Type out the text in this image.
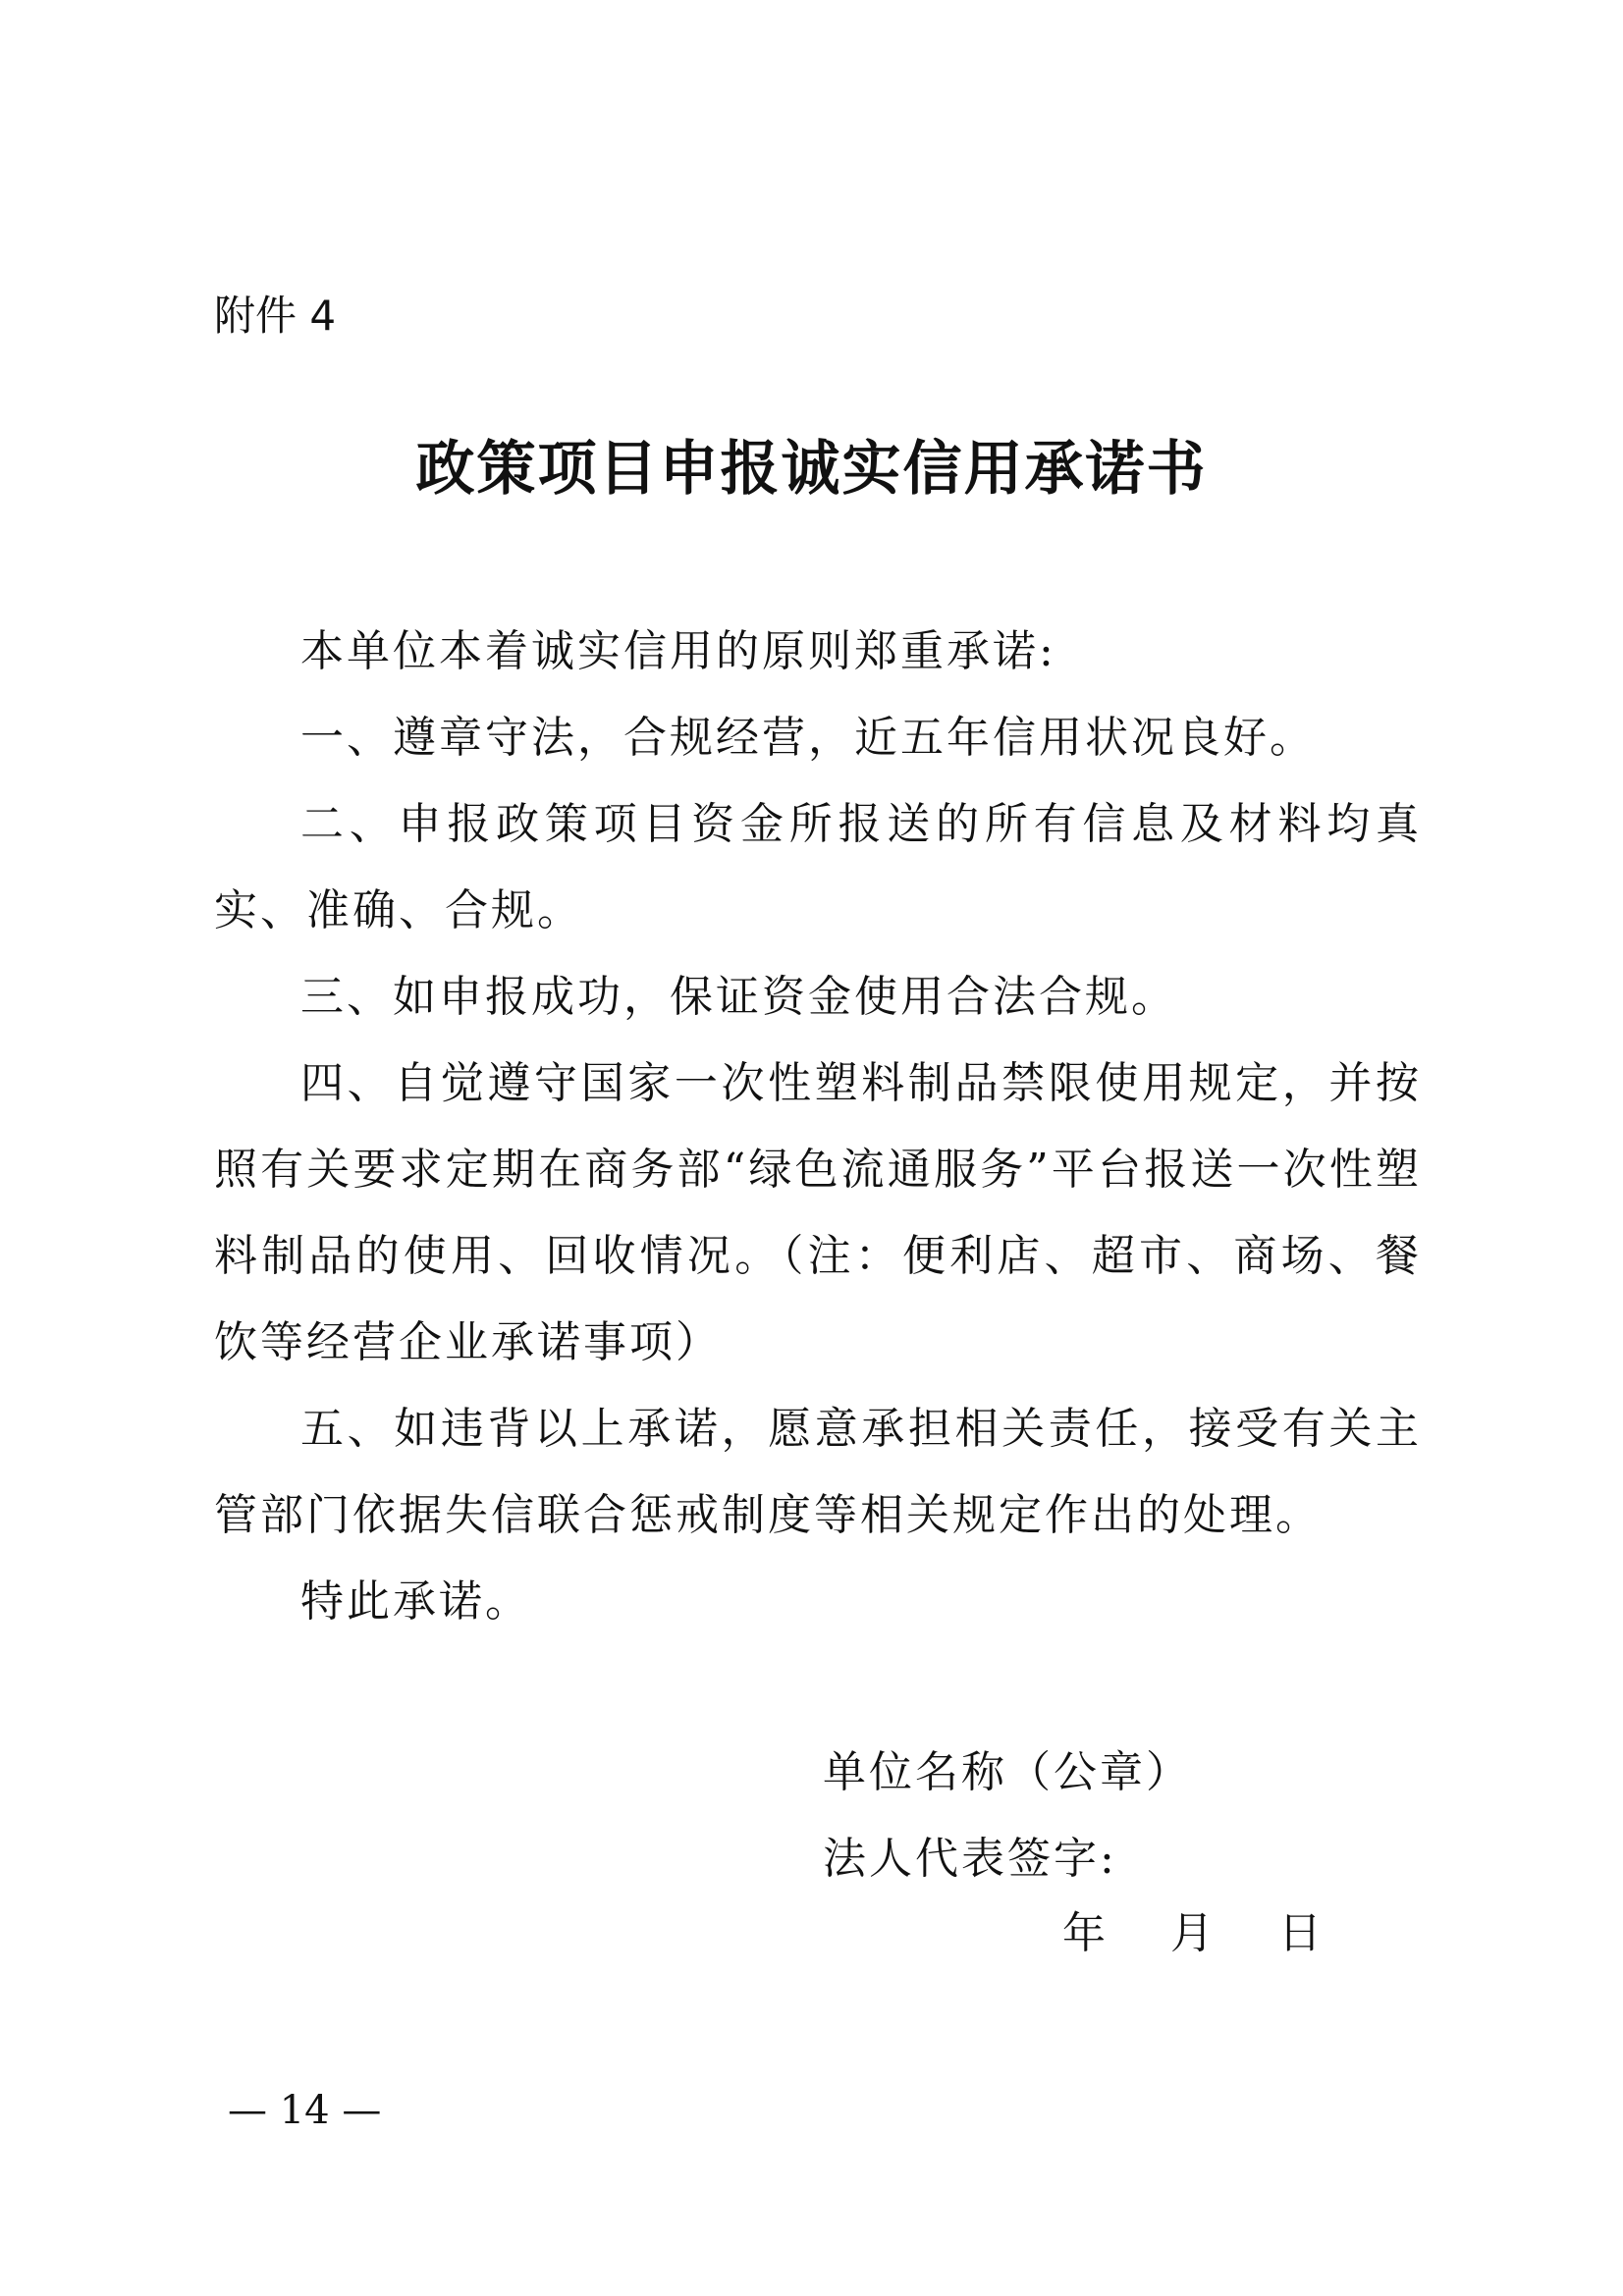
附件 4
政策项目申报诚实信用承诺书

本单位本着诚实信用的原则郑重承诺:

一、遵章守法，合规经营，近五年信用状况良好。

二、申报政策项目资金所报送的所有信息及材料均真实、准确、合规。

三、如申报成功，保证资金使用合法合规。

四、自觉遵守国家一次性塑料制品禁限使用规定，并按照有关要求定期在商务部“绿色流通服务”平台报送一次性塑料制品的使用、回收情况。（注：便利店、超市、商场、餐饮等经营企业承诺事项）

五、如违背以上承诺，愿意承担相关责任，接受有关主管部门依据失信联合惩戒制度等相关规定作出的处理。

特此承诺。

单位名称（公章）

法人代表签字:

年 月 日
— 14 —
